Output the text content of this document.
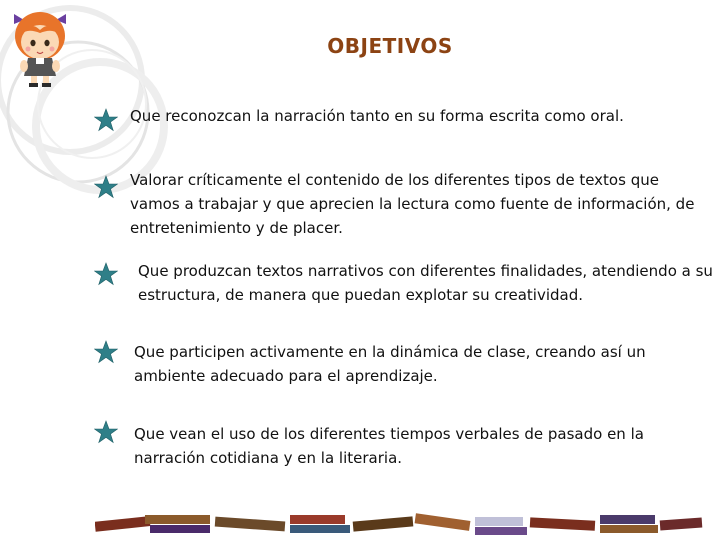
OBJETIVOS
Que reconozcan la narración tanto en su forma escrita como oral.
Valorar críticamente el contenido de los diferentes tipos de textos que vamos a trabajar y que aprecien la lectura como fuente de información, de entretenimiento y de placer.
Que produzcan textos narrativos con diferentes finalidades, atendiendo a su estructura, de manera que puedan explotar su creatividad.
Que participen activamente en la dinámica de clase, creando así un ambiente adecuado para el aprendizaje.
Que vean el uso de los diferentes tiempos verbales de pasado en la narración cotidiana y en la literaria.
